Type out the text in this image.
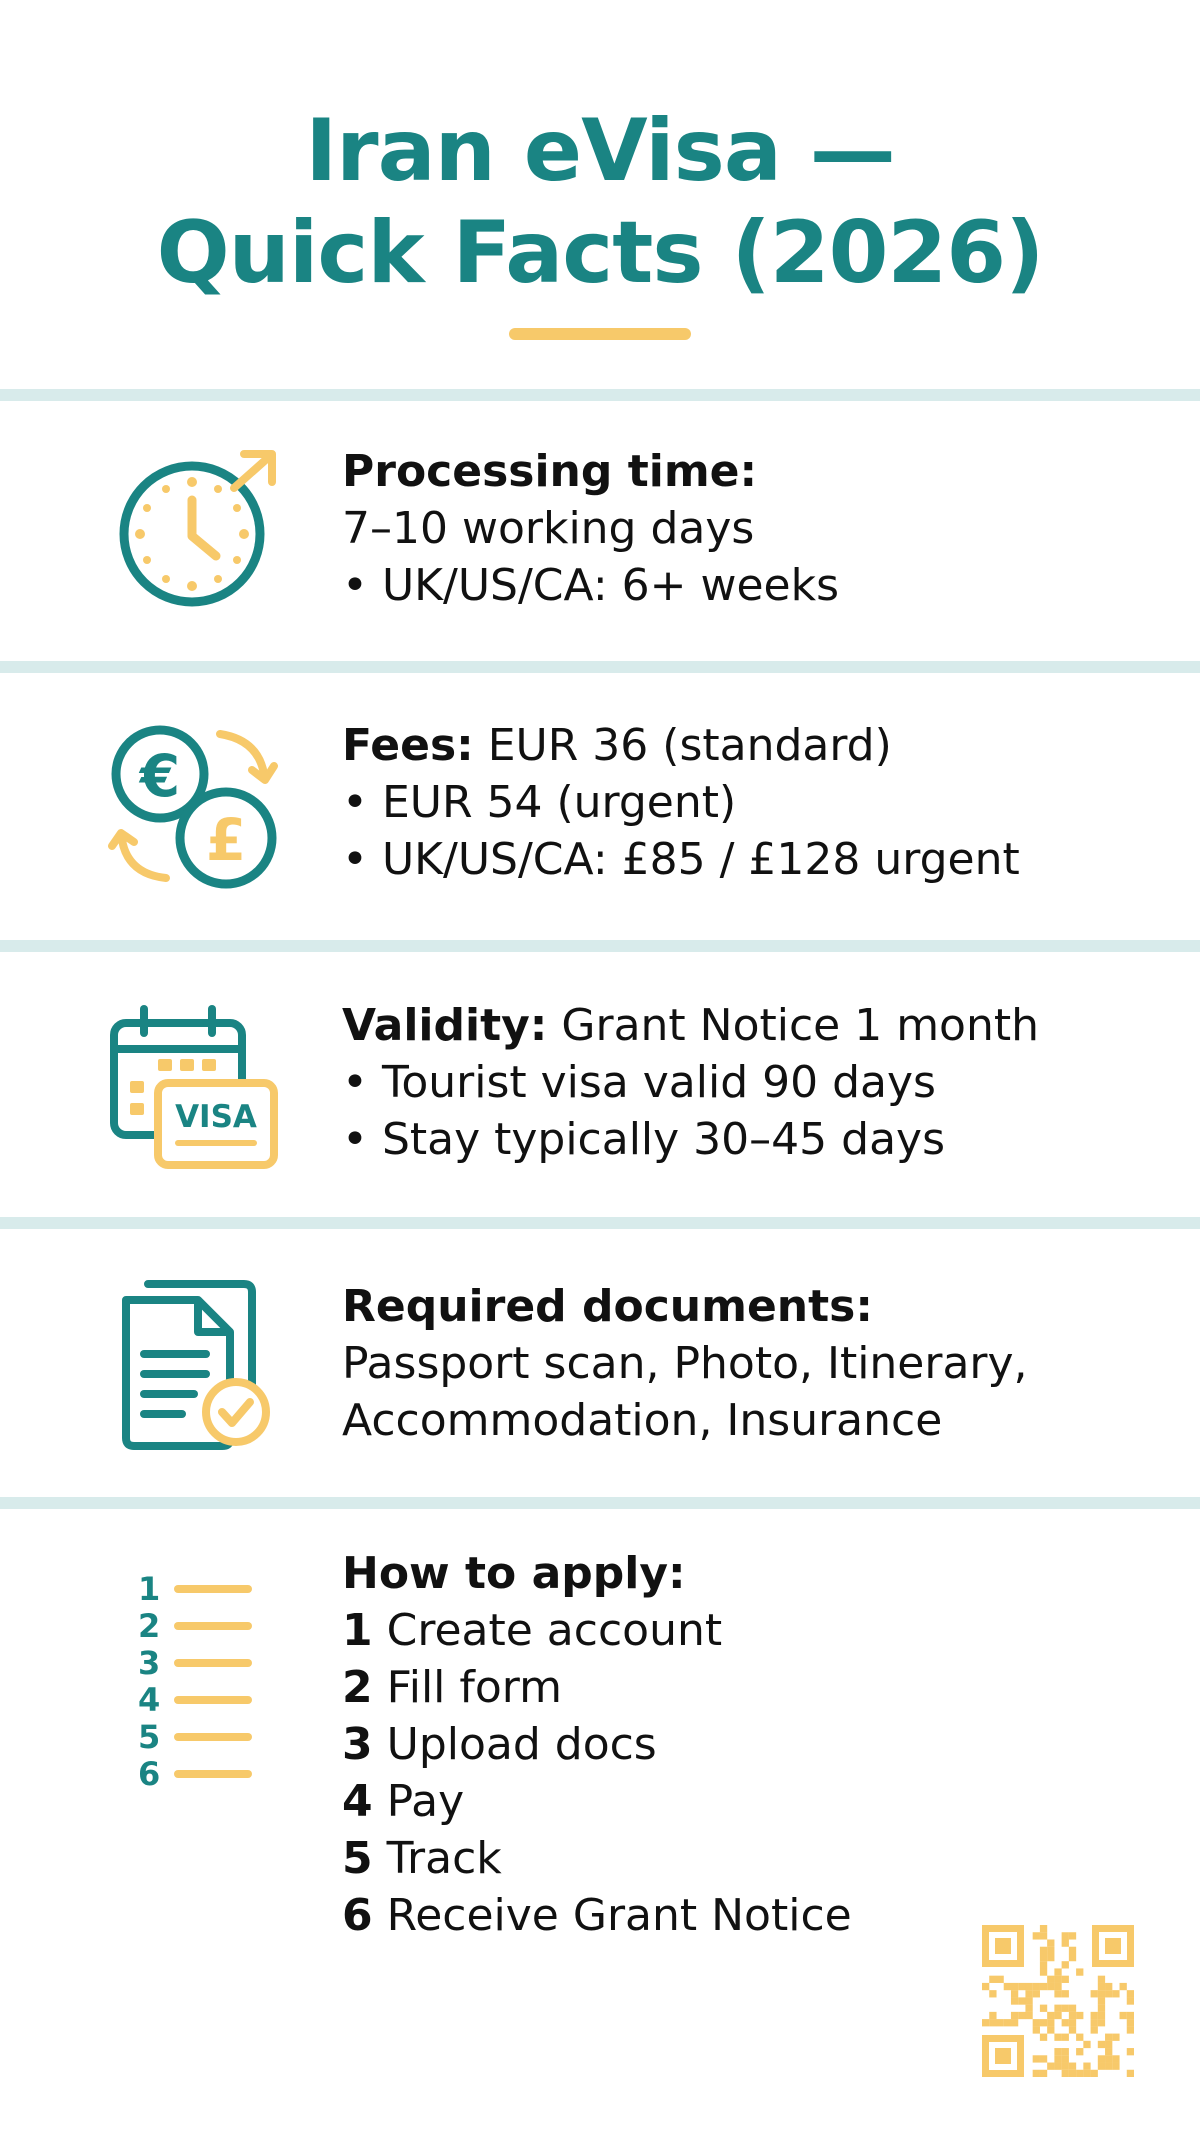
Iran eVisa —
Quick Facts (2026)
Processing time:
7–10 working days
• UK/US/CA: 6+ weeks
€
£
Fees: EUR 36 (standard)
• EUR 54 (urgent)
• UK/US/CA: £85 / £128 urgent
VISA
Validity: Grant Notice 1 month
• Tourist visa valid 90 days
• Stay typically 30–45 days
Required documents:
Passport scan, Photo, Itinerary,
Accommodation, Insurance
1
2
3
4
5
6
How to apply:
1 Create account
2 Fill form
3 Upload docs
4 Pay
5 Track
6 Receive Grant Notice
